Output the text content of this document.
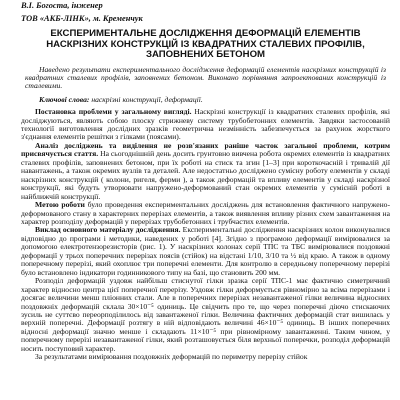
В.І. Богоста, інженер
ТОВ «АКБ-ЛІНК», м. Кременчук
ЕКСПЕРИМЕНТАЛЬНЕ ДОСЛІДЖЕННЯ ДЕФОРМАЦІЙ ЕЛЕМЕНТІВ НАСКРІЗНИХ КОНСТРУКЦІЙ ІЗ КВАДРАТНИХ СТАЛЕВИХ ПРОФІЛІВ, ЗАПОВНЕНИХ БЕТОНОМ
Наведено результати експериментального дослідження деформацій елементів наскрізних конструкцій із квадратних сталевих профілів, заповнених бетоном. Виконано порівняння запроектованих конструкцій із сталевими.
Ключові слова: наскрізні конструкції, деформації.

Постановка проблеми у загальному вигляді. Наскрізні конструкції із квадратних сталевих профілів, які досліджуються, являють собою плоску стрижневу систему трубобетонних елементів. Завдяки застосованій технології виготовлення дослідних зразків геометрична незмінність забезпечується за рахунок жорсткого з'єднання елементів решітки з гілками (поясами).

Аналіз досліджень та виділення не розв'язаних раніше часток загальної проблеми, котрим присвячується стаття. На сьогоднішній день досить грунтовно вивчена робота окремих елементів із квадратних сталевих профілів, заповнених бетоном, при їх роботі на стиск та згин [1–3] при короткочасній і тривалій дії навантажень, а також окремих вузлів та деталей. Але недостатньо досліджено сумісну роботу елементів у складі наскрізних конструкцій ( колони, ригеля, ферми ), а також деформацій та впливу елементів у складі наскрізної конструкції, які будуть утворювати напружено-деформований стан окремих елементів у сумісній роботі в найближчій конструкції.

Метою роботи було проведення експериментальних досліджень для встановлення фактичного напружено-деформованого стану в характерних перерізах елементів, а також виявлення впливу різних схем завантаження на характер розподілу деформацій у перерізах трубобетонних і трубчастих елементів.

Виклад основного матеріалу дослідження. Експериментальні дослідження наскрізних колон виконувалися відповідно до програми і методики, наведених у роботі [4]. Згідно з програмою деформації вимірювалися за допомогою електротензорезисторів (рис. 1). У наскрізних колонах серії ТПС та ТБС вимірювалися поздовжні деформації у трьох поперечних перерізах поясів (стійок) на відстані 1/10, 3/10 та ½ від краю. А також в одному поперечному перерізі, який охоплює три поперечні елементи. Для контролю в середньому поперечному перерізі було встановлено індикатори годинникового типу на базі, що становить 200 мм.

Розподіл деформацій уздовж найбільш стиснутої гілки зразка серії ТПС-1 має фактично симетричний характер відносно центра цієї поперечної перерізу. Уздовж гілки деформується рівномірно за всіма перерізами і досягає величини менш пліонних стали. Але в поперечних перерізах незавантаженої гілки величина відносних поздовжніх деформацій склала 30×10⁻⁵ одиниць. Це свідчить про те, що через поперечні діючо стискаючих зусиль не суттєво переорподілилось від завантаженої гілки. Величина фактичних деформацій стат вишилась у верхній поперечні. Деформації розтягу в ній відповідають величині 46×10⁻⁵ одиниць. В інших поперечних відносні деформації значно менше і складають 11×10⁻⁵ при рівномірному завантаженні. Таким чином, у поперечному перерізі незавантаженої гілки, який розташовується біля верхньої поперечки, розподіл деформацій носить поступовий характер.

За результатами вимірювання поздовжніх деформацій по периметру перерізу стійок
